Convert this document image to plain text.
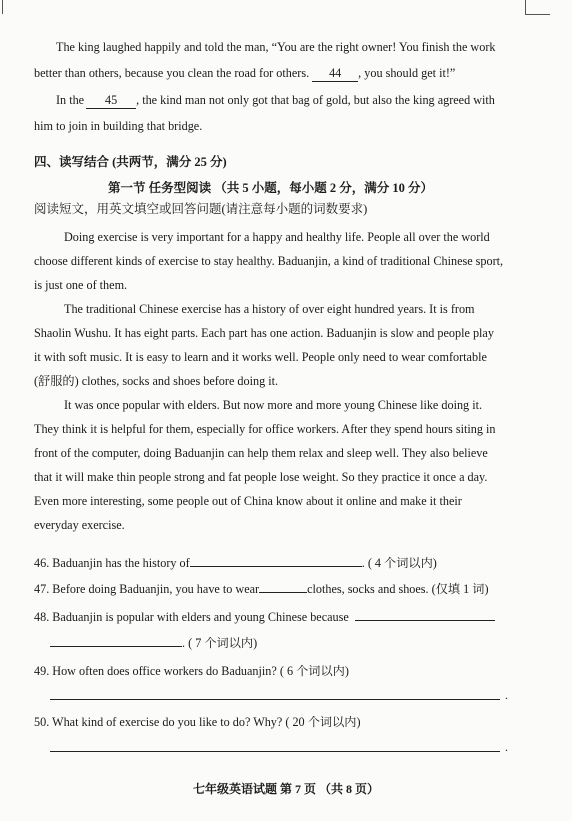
The king laughed happily and told the man, “You are the right owner! You finish the work
better than others, because you clean the road for others. 44 , you should get it!”
In the 45 , the kind man not only got that bag of gold, but also the king agreed with
him to join in building that bridge.
四、读写结合 (共两节，满分 25 分)
第一节 任务型阅读 （共 5 小题，每小题 2 分，满分 10 分）
阅读短文，用英文填空或回答问题(请注意每小题的词数要求)
Doing exercise is very important for a happy and healthy life. People all over the world
choose different kinds of exercise to stay healthy. Baduanjin, a kind of traditional Chinese sport,
is just one of them.
The traditional Chinese exercise has a history of over eight hundred years. It is from
Shaolin Wushu. It has eight parts. Each part has one action. Baduanjin is slow and people play
it with soft music. It is easy to learn and it works well. People only need to wear comfortable
(舒服的) clothes, socks and shoes before doing it.
It was once popular with elders. But now more and more young Chinese like doing it.
They think it is helpful for them, especially for office workers. After they spend hours siting in
front of the computer, doing Baduanjin can help them relax and sleep well. They also believe
that it will make thin people strong and fat people lose weight. So they practice it once a day.
Even more interesting, some people out of China know about it online and make it their
everyday exercise.
46. Baduanjin has the history of	. ( 4 个词以内)
47. Before doing Baduanjin, you have to wear	clothes, socks and shoes. (仅填 1 词)
48. Baduanjin is popular with elders and young Chinese because
. ( 7 个词以内)
49. How often does office workers do Baduanjin? ( 6 个词以内)
.
50. What kind of exercise do you like to do? Why? ( 20 个词以内)
.
七年级英语试题 第 7 页 （共 8 页）
